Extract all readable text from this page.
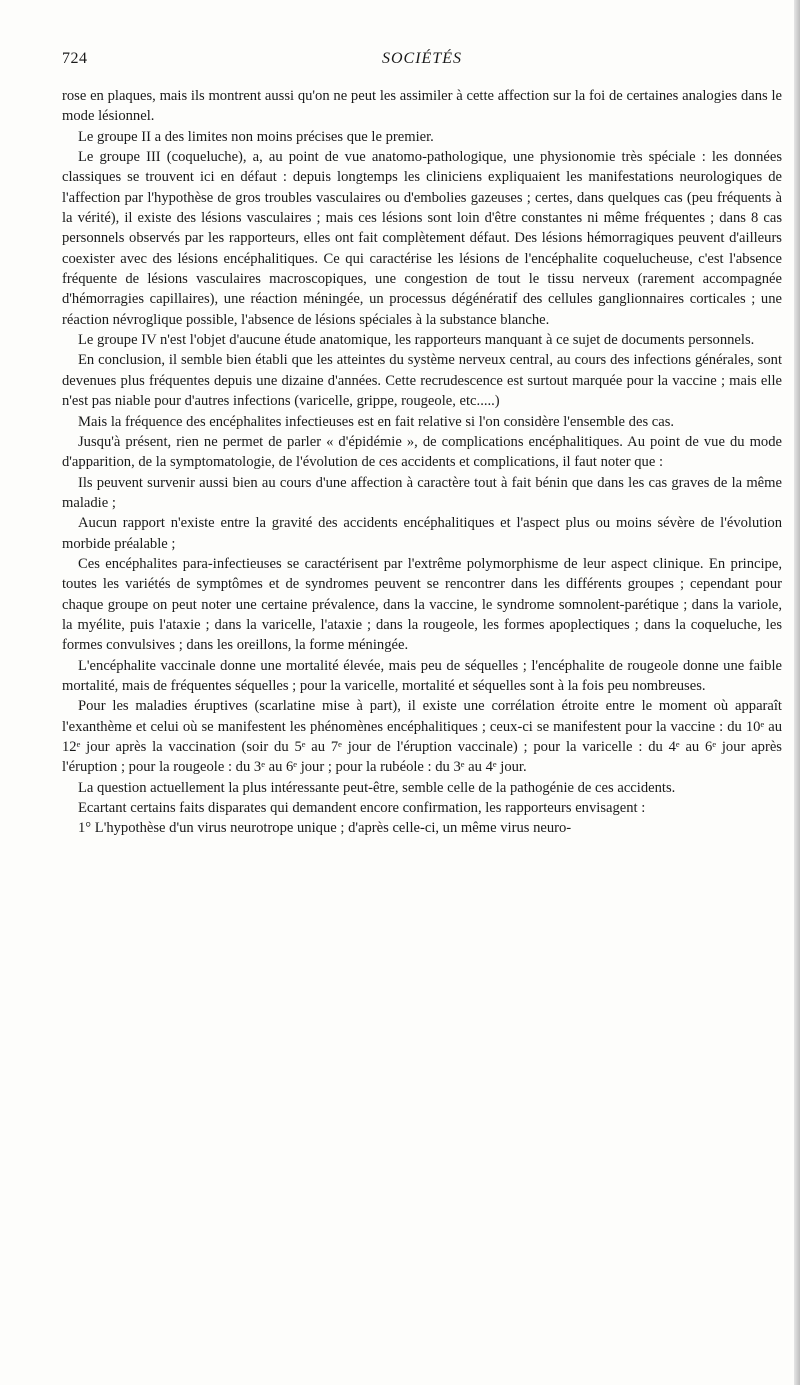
724	SOCIÉTÉS

rose en plaques, mais ils montrent aussi qu'on ne peut les assimiler à cette affection sur la foi de certaines analogies dans le mode lésionnel.

Le groupe II a des limites non moins précises que le premier.

Le groupe III (coqueluche), a, au point de vue anatomo-pathologique, une physionomie très spéciale : les données classiques se trouvent ici en défaut : depuis longtemps les cliniciens expliquaient les manifestations neurologiques de l'affection par l'hypothèse de gros troubles vasculaires ou d'embolies gazeuses ; certes, dans quelques cas (peu fréquents à la vérité), il existe des lésions vasculaires ; mais ces lésions sont loin d'être constantes ni même fréquentes ; dans 8 cas personnels observés par les rapporteurs, elles ont fait complètement défaut. Des lésions hémorragiques peuvent d'ailleurs coexister avec des lésions encéphalitiques. Ce qui caractérise les lésions de l'encéphalite coquelucheuse, c'est l'absence fréquente de lésions vasculaires macroscopiques, une congestion de tout le tissu nerveux (rarement accompagnée d'hémorragies capillaires), une réaction méningée, un processus dégénératif des cellules ganglionnaires corticales ; une réaction névroglique possible, l'absence de lésions spéciales à la substance blanche.

Le groupe IV n'est l'objet d'aucune étude anatomique, les rapporteurs manquant à ce sujet de documents personnels.

En conclusion, il semble bien établi que les atteintes du système nerveux central, au cours des infections générales, sont devenues plus fréquentes depuis une dizaine d'années. Cette recrudescence est surtout marquée pour la vaccine ; mais elle n'est pas niable pour d'autres infections (varicelle, grippe, rougeole, etc.....)

Mais la fréquence des encéphalites infectieuses est en fait relative si l'on considère l'ensemble des cas.

Jusqu'à présent, rien ne permet de parler « d'épidémie », de complications encéphalitiques. Au point de vue du mode d'apparition, de la symptomatologie, de l'évolution de ces accidents et complications, il faut noter que :

Ils peuvent survenir aussi bien au cours d'une affection à caractère tout à fait bénin que dans les cas graves de la même maladie ;

Aucun rapport n'existe entre la gravité des accidents encéphalitiques et l'aspect plus ou moins sévère de l'évolution morbide préalable ;

Ces encéphalites para-infectieuses se caractérisent par l'extrême polymorphisme de leur aspect clinique. En principe, toutes les variétés de symptômes et de syndromes peuvent se rencontrer dans les différents groupes ; cependant pour chaque groupe on peut noter une certaine prévalence, dans la vaccine, le syndrome somnolent-parétique ; dans la variole, la myélite, puis l'ataxie ; dans la varicelle, l'ataxie ; dans la rougeole, les formes apoplectiques ; dans la coqueluche, les formes convulsives ; dans les oreillons, la forme méningée.

L'encéphalite vaccinale donne une mortalité élevée, mais peu de séquelles ; l'encéphalite de rougeole donne une faible mortalité, mais de fréquentes séquelles ; pour la varicelle, mortalité et séquelles sont à la fois peu nombreuses.

Pour les maladies éruptives (scarlatine mise à part), il existe une corrélation étroite entre le moment où apparaît l'exanthème et celui où se manifestent les phénomènes encéphalitiques ; ceux-ci se manifestent pour la vaccine : du 10ᵉ au 12ᵉ jour après la vaccination (soir du 5ᵉ au 7ᵉ jour de l'éruption vaccinale) ; pour la varicelle : du 4ᵉ au 6ᵉ jour après l'éruption ; pour la rougeole : du 3ᵉ au 6ᵉ jour ; pour la rubéole : du 3ᵉ au 4ᵉ jour.

La question actuellement la plus intéressante peut-être, semble celle de la pathogénie de ces accidents.

Ecartant certains faits disparates qui demandent encore confirmation, les rapporteurs envisagent :

1° L'hypothèse d'un virus neurotrope unique ; d'après celle-ci, un même virus neuro-
